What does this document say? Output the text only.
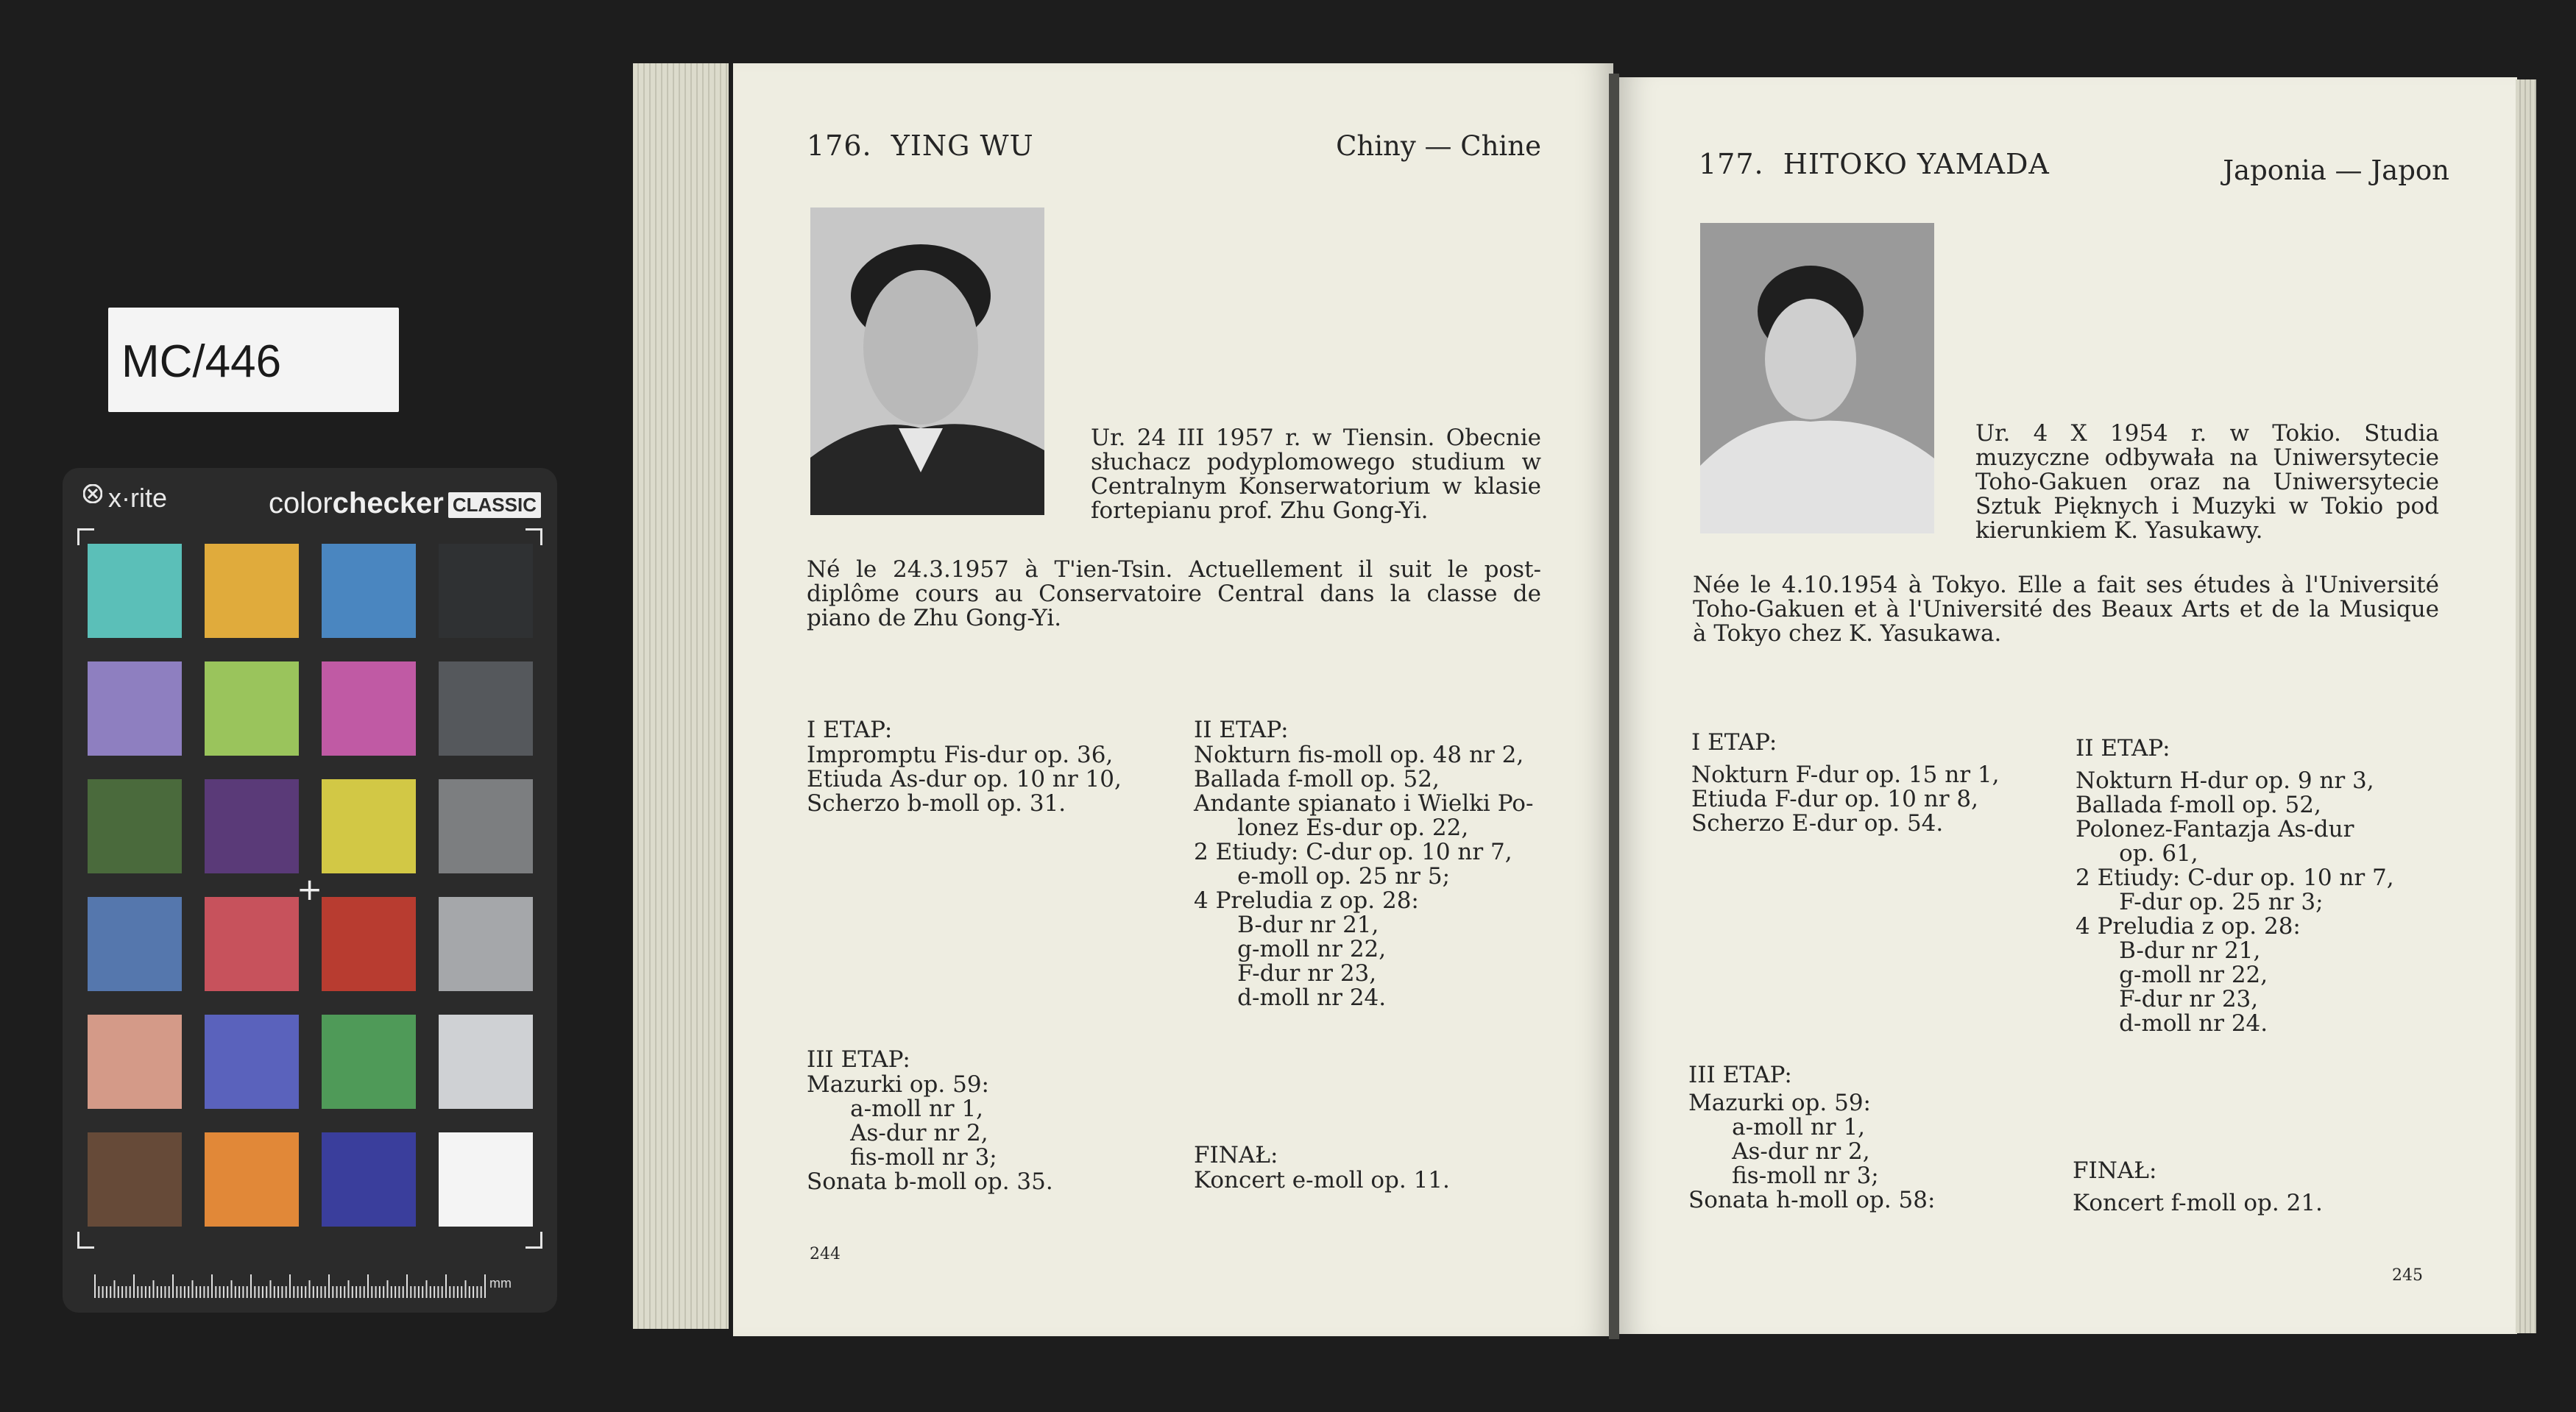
MC/446
x·rite	colorchecker CLASSIC
+
mm
176.  YING WU	Chiny — Chine
Ur. 24 III 1957 r. w Tiensin. Obecnie słuchacz podyplomowego studium w Centralnym Konserwatorium w klasie fortepianu prof. Zhu Gong-Yi.
Né le 24.3.1957 à T'ien-Tsin. Actuellement il suit le post-diplôme cours au Conservatoire Central dans la classe de piano de Zhu Gong-Yi.
I ETAP:
Impromptu Fis-dur op. 36,
Etiuda As-dur op. 10 nr 10,
Scherzo b-moll op. 31.
II ETAP:
Nokturn fis-moll op. 48 nr 2,
Ballada f-moll op. 52,
Andante spianato i Wielki Po-
lonez Es-dur op. 22,
2 Etiudy: C-dur op. 10 nr 7,
e-moll op. 25 nr 5;
4 Preludia z op. 28:
B-dur nr 21,
g-moll nr 22,
F-dur nr 23,
d-moll nr 24.
III ETAP:
Mazurki op. 59:
a-moll nr 1,
As-dur nr 2,
fis-moll nr 3;
Sonata b-moll op. 35.
FINAŁ:
Koncert e-moll op. 11.
244
177.  HITOKO YAMADA	Japonia — Japon
Ur. 4 X 1954 r. w Tokio. Studia muzyczne odbywała na Uniwersytecie Toho-Gakuen oraz na Uniwersytecie Sztuk Pięknych i Muzyki w Tokio pod kierunkiem K. Yasukawy.
Née le 4.10.1954 à Tokyo. Elle a fait ses études à l'Université Toho-Gakuen et à l'Université des Beaux Arts et de la Musique à Tokyo chez K. Yasukawa.
I ETAP:
Nokturn F-dur op. 15 nr 1,
Etiuda F-dur op. 10 nr 8,
Scherzo E-dur op. 54.
II ETAP:
Nokturn H-dur op. 9 nr 3,
Ballada f-moll op. 52,
Polonez-Fantazja As-dur
op. 61,
2 Etiudy: C-dur op. 10 nr 7,
F-dur op. 25 nr 3;
4 Preludia z op. 28:
B-dur nr 21,
g-moll nr 22,
F-dur nr 23,
d-moll nr 24.
III ETAP:
Mazurki op. 59:
a-moll nr 1,
As-dur nr 2,
fis-moll nr 3;
Sonata h-moll op. 58:
FINAŁ:
Koncert f-moll op. 21.
245
